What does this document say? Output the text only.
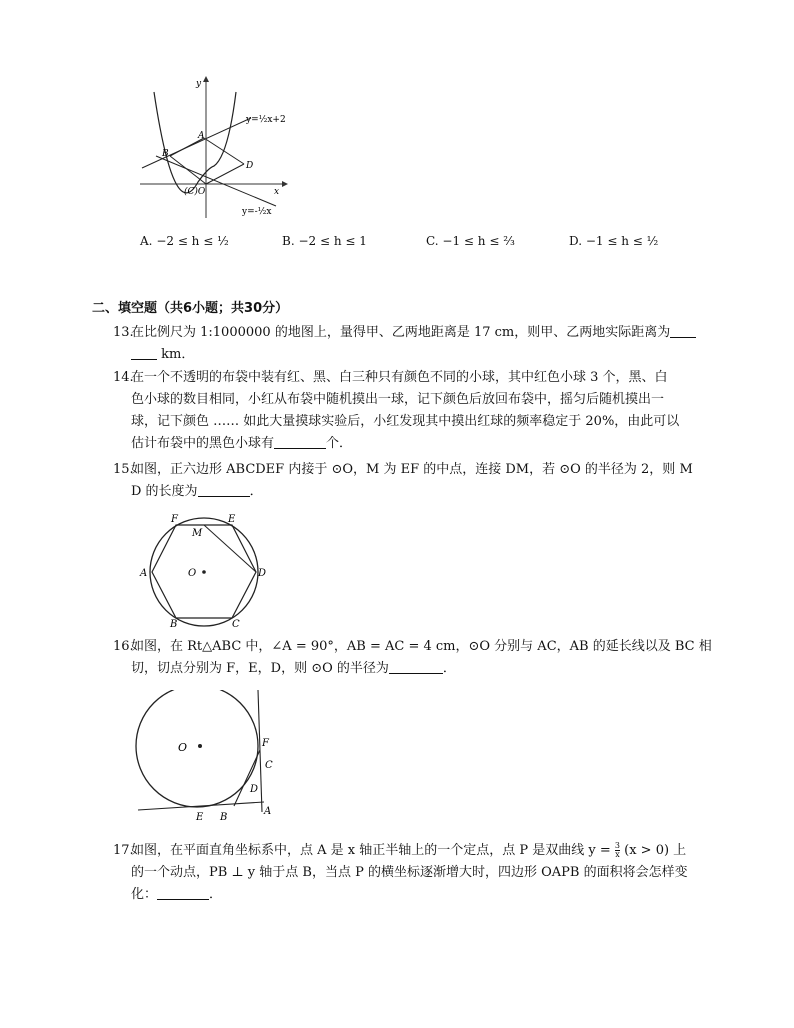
x
y
y=½x+2
y=-½x
A
B
D
(C)O
A. −2 ≤ h ≤ ½	B. −2 ≤ h ≤ 1	C. −1 ≤ h ≤ ⅔	D. −1 ≤ h ≤ ½
二、填空题（共6小题；共30分）
13.
在比例尺为 1:1000000 的地图上，量得甲、乙两地距离是 17 cm，则甲、乙两地实际距离为
km．
14.
在一个不透明的布袋中装有红、黑、白三种只有颜色不同的小球，其中红色小球 3 个，黑、白
色小球的数目相同，小红从布袋中随机摸出一球，记下颜色后放回布袋中，摇匀后随机摸出一
球，记下颜色 …… 如此大量摸球实验后，小红发现其中摸出红球的频率稳定于 20%，由此可以
估计布袋中的黑色小球有	个．
15.
如图，正六边形 ABCDEF 内接于 ⊙O，M 为 EF 的中点，连接 DM，若 ⊙O 的半径为 2，则 M
D 的长度为	．
F	E
M
A	O	D
B	C
16.
如图，在 Rt△ABC 中，∠A = 90°，AB = AC = 4 cm，⊙O 分别与 AC，AB 的延长线以及 BC 相
切，切点分别为 F，E，D，则 ⊙O 的半径为	．
O	F
C
D
E B
A
17.
如图，在平面直角坐标系中，点 A 是 x 轴正半轴上的一个定点，点 P 是双曲线 $y = \frac{3}{x} (x > 0)$ 上
的一个动点，PB ⊥ y 轴于点 B，当点 P 的横坐标逐渐增大时，四边形 OAPB 的面积将会怎样变
化：	．
